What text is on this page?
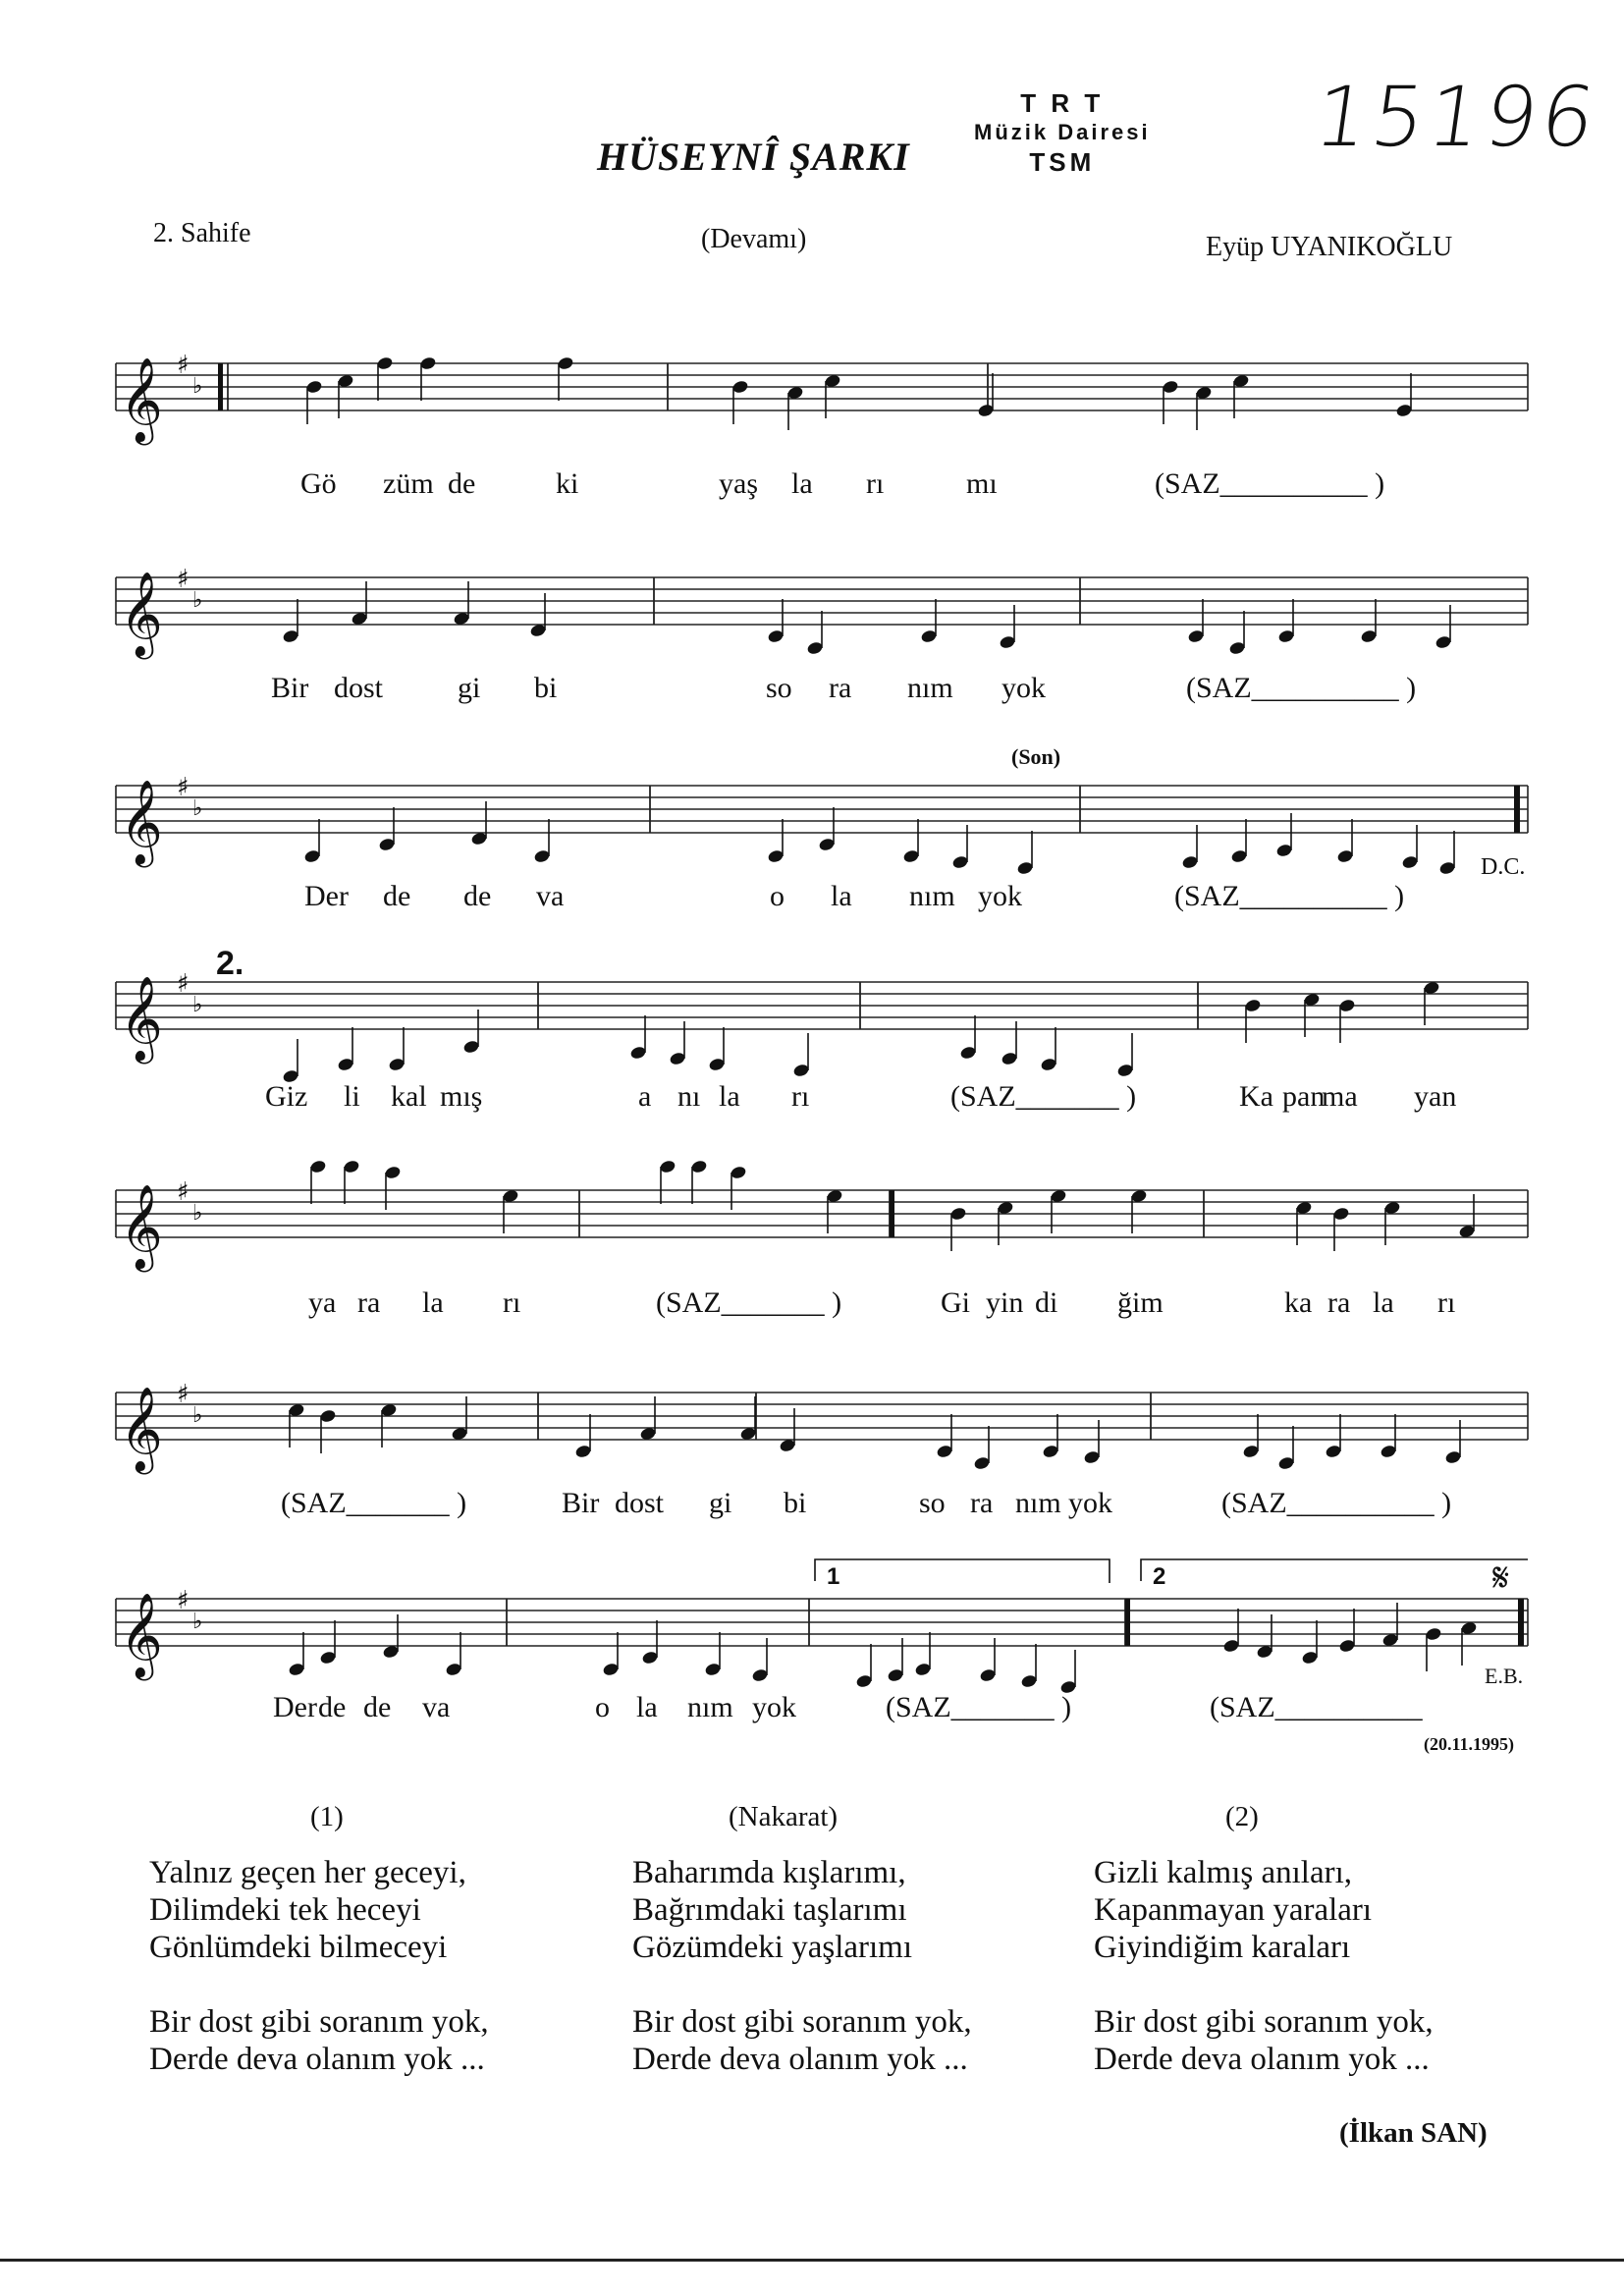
HÜSEYNÎ ŞARKI
T R T
Müzik Dairesi
TSM	15196
2. Sahife	(Devamı)	Eyüp UYANIKOĞLU
𝄞 ♯
♭
𝄞 ♯
♭
𝄞 ♯
♭
𝄞 ♯
♭
𝄞 ♯
♭
𝄞 ♯
♭
𝄞 ♯
♭
𝄋
Gö züm de	ki	yaş la rı	mı	(SAZ__________ )
Bir dost	gi bi	so ra nım yok	(SAZ__________ )
Der de de va	o la nım yok	(SAZ__________ )
Giz li kal mış	a nı la rı	(SAZ_______ )	Ka pan
ma yan
ya ra la rı	(SAZ_______ )	Gi yin di ğim	ka ra la rı
(SAZ_______ )	Bir dost gi bi	so ra nım yok	(SAZ__________ )
Der de de va	o la nım yok	(SAZ_______ )	(SAZ__________
(Son)
D.C.
2.
1	2
E.B.
(20.11.1995)
(1)	(Nakarat)	(2)
Yalnız geçen her geceyi,
Dilimdeki tek heceyi
Gönlümdeki bilmeceyi
Bir dost gibi soranım yok,
Derde deva olanım yok ...
Baharımda kışlarımı,
Bağrımdaki taşlarımı
Gözümdeki yaşlarımı
Bir dost gibi soranım yok,
Derde deva olanım yok ...
Gizli kalmış anıları,
Kapanmayan yaraları
Giyindiğim karaları
Bir dost gibi soranım yok,
Derde deva olanım yok ...
(İlkan SAN)
